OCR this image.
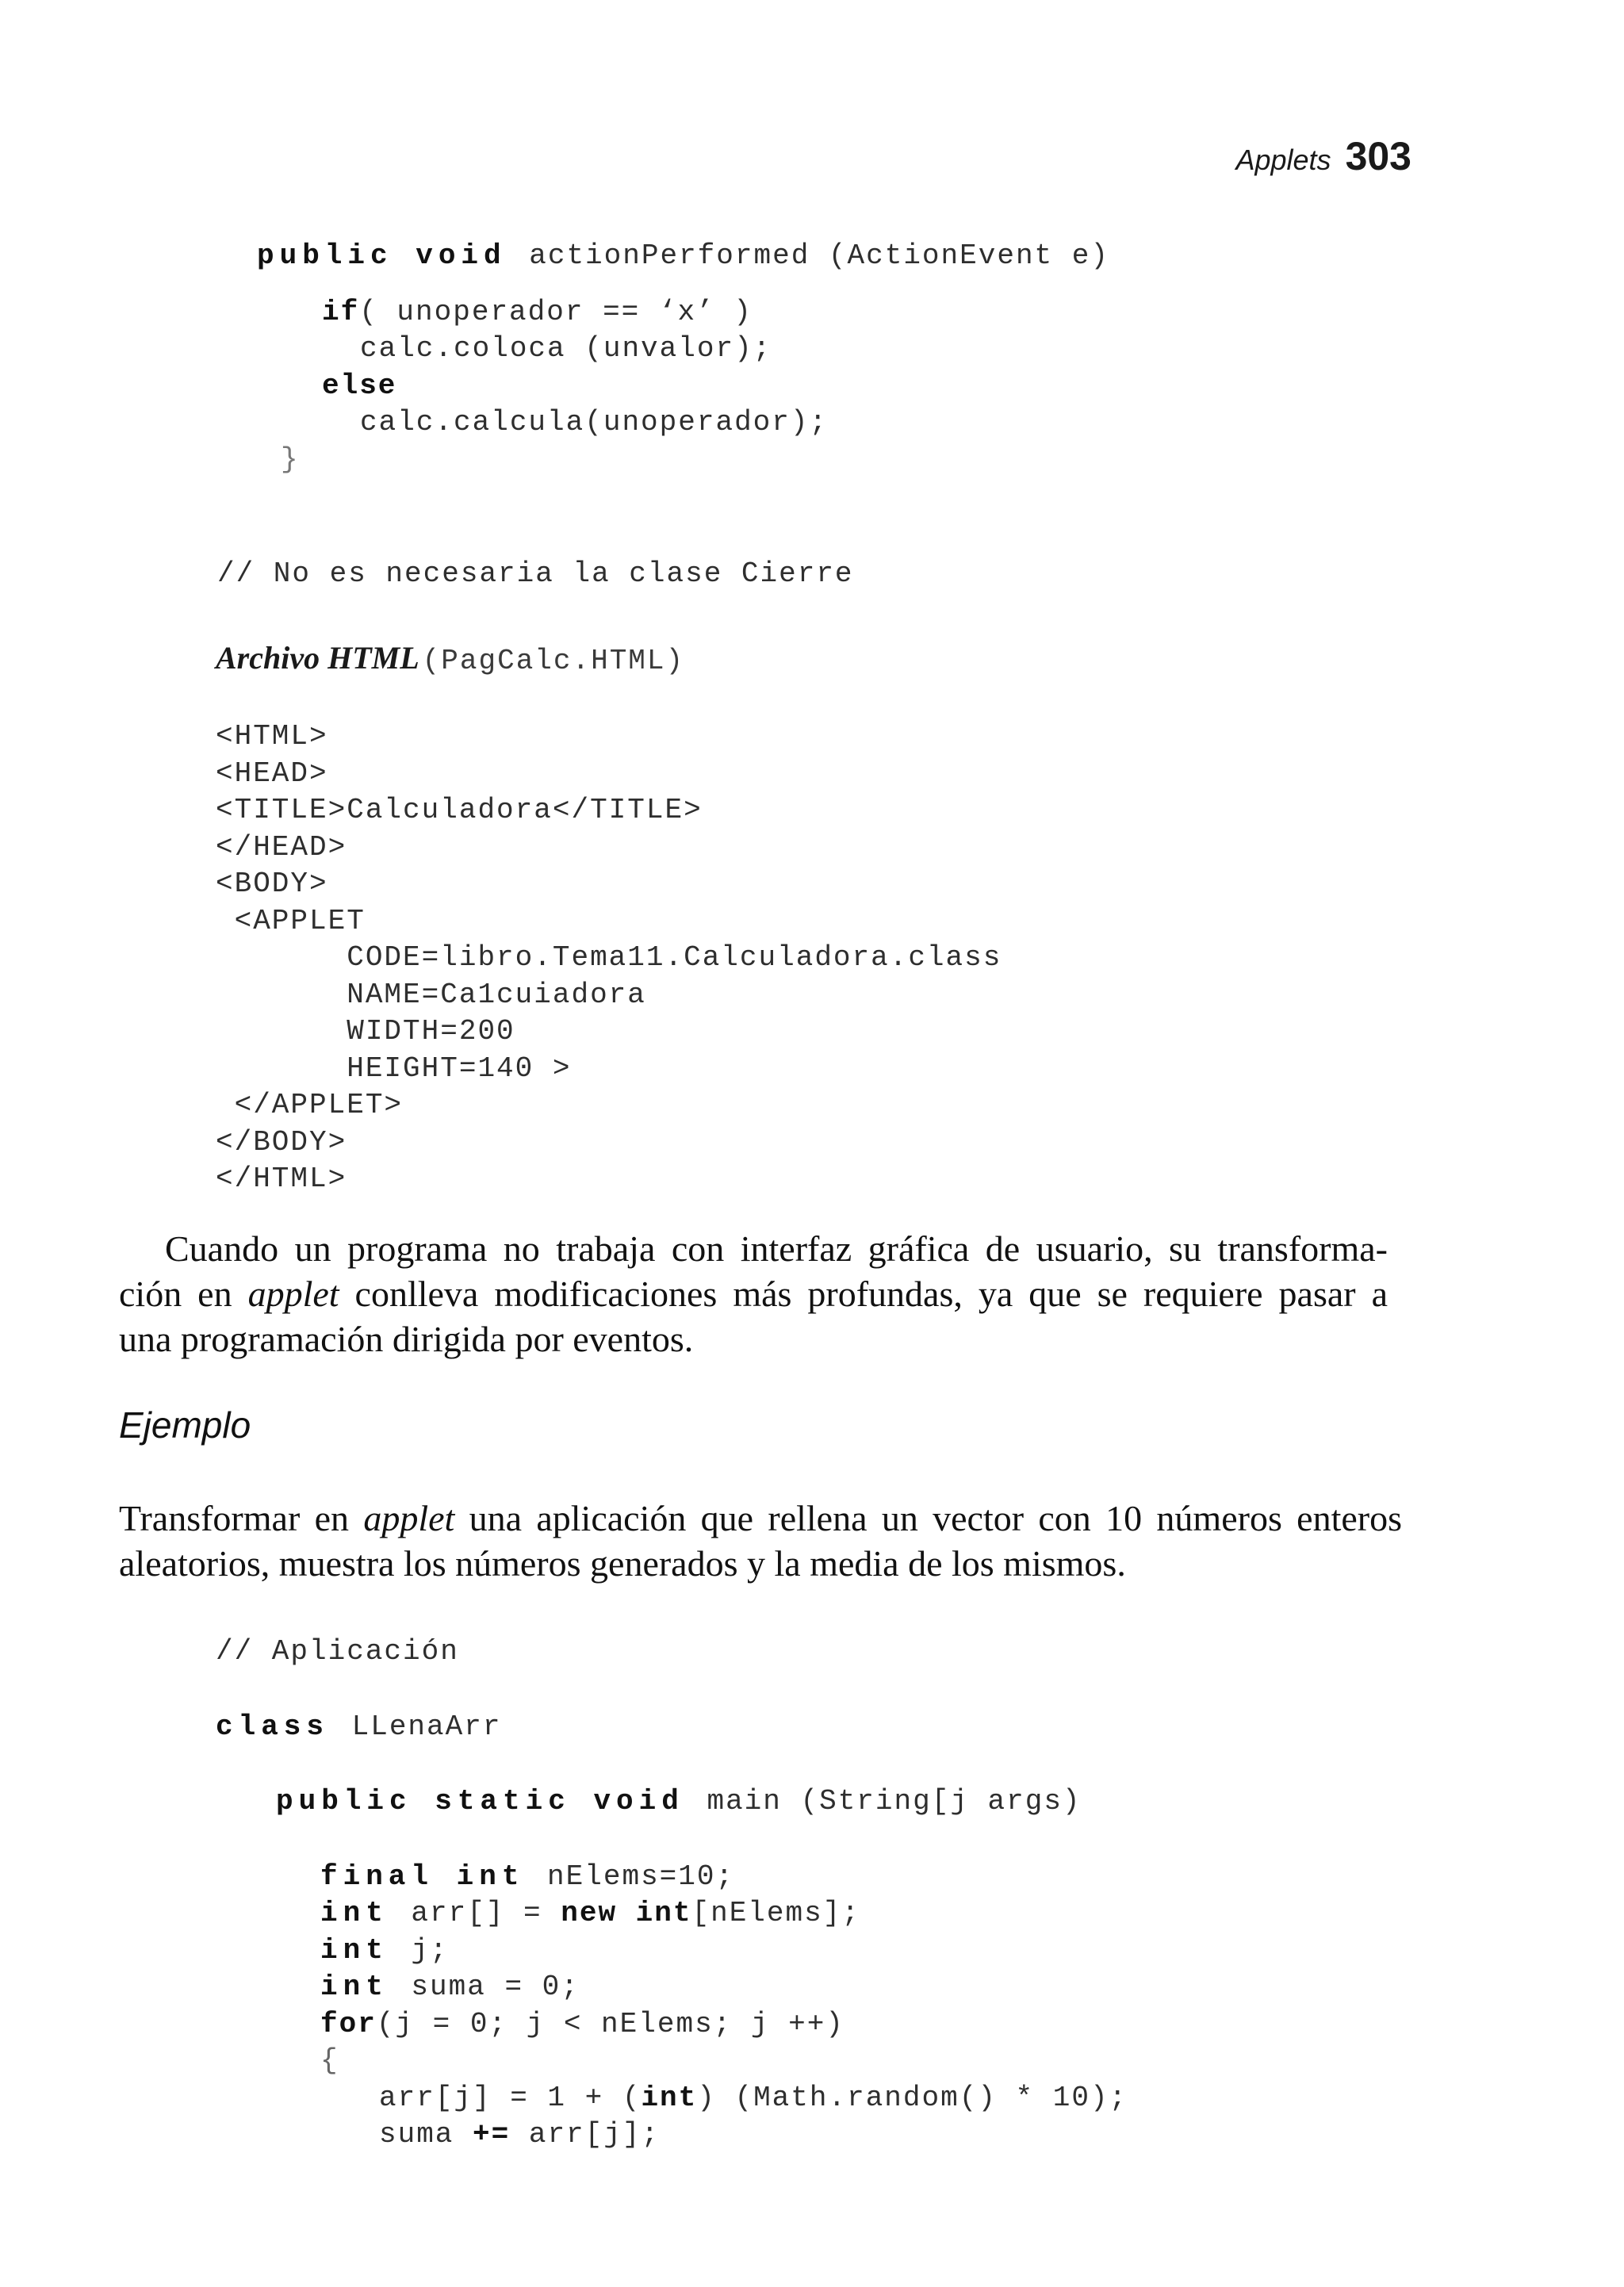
Applets 303
public void actionPerformed (ActionEvent e)
if( unoperador == ‘x’ )
calc.coloca (unvalor);
else
calc.calcula(unoperador);
}
// No es necesaria la clase Cierre
Archivo HTML (PagCalc.HTML)
<HTML>
<HEAD>
<TITLE>Calculadora</TITLE>
</HEAD>
<BODY>
<APPLET
CODE=libro.Tema11.Calculadora.class
NAME=Ca1cuiadora
WIDTH=200
HEIGHT=140 >
</APPLET>
</BODY>
</HTML>
Cuando un programa no trabaja con interfaz gráfica de usuario, su transforma-
ción en applet conlleva modificaciones más profundas, ya que se requiere pasar a
una programación dirigida por eventos.
Ejemplo
Transformar en applet una aplicación que rellena un vector con 10 números enteros
aleatorios, muestra los números generados y la media de los mismos.
// Aplicación
class LLenaArr
public static void main (String[j args)
final int nElems=10;
int arr[] = new int[nElems];
int j;
int suma = 0;
for(j = 0; j < nElems; j ++)
{
arr[j] = 1 + (int) (Math.random() * 10);
suma += arr[j];
